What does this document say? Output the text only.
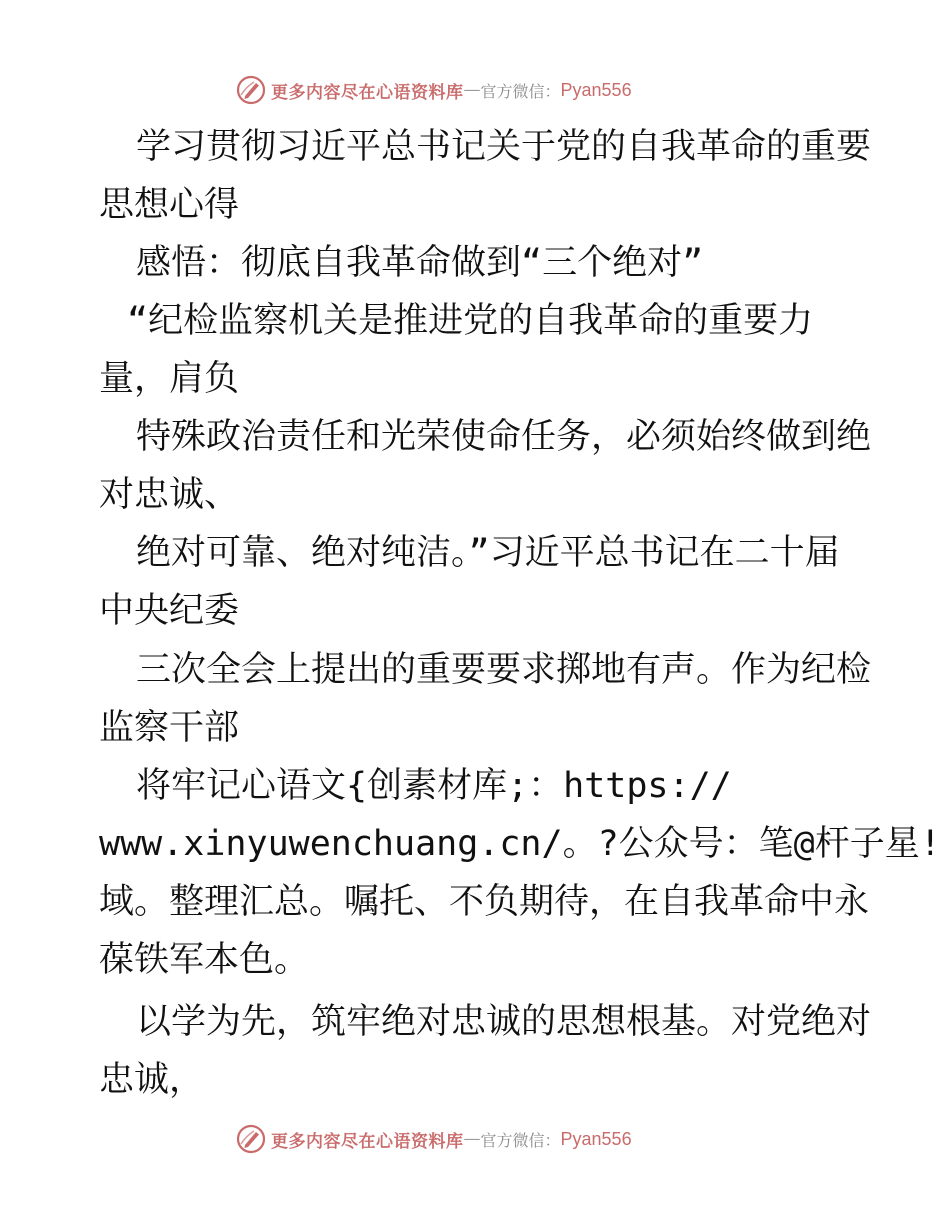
更多内容尽在心语资料库 — 官方微信： Pyan556

学习贯彻习近平总书记关于党的自我革命的重要

思想心得

感悟：彻底自我革命做到“三个绝对”

“纪检监察机关是推进党的自我革命的重要力

量，肩负

特殊政治责任和光荣使命任务，必须始终做到绝

对忠诚、

绝对可靠、绝对纯洁。”习近平总书记在二十届

中央纪委

三次全会上提出的重要要求掷地有声。作为纪检

监察干部

将牢记心语文{创素材库;：https://

www.xinyuwenchuang.cn/。?公众号：笔@杆子星!

域。整理汇总。嘱托、不负期待，在自我革命中永

葆铁军本色。

以学为先，筑牢绝对忠诚的思想根基。对党绝对

忠诚，

更多内容尽在心语资料库 — 官方微信： Pyan556
